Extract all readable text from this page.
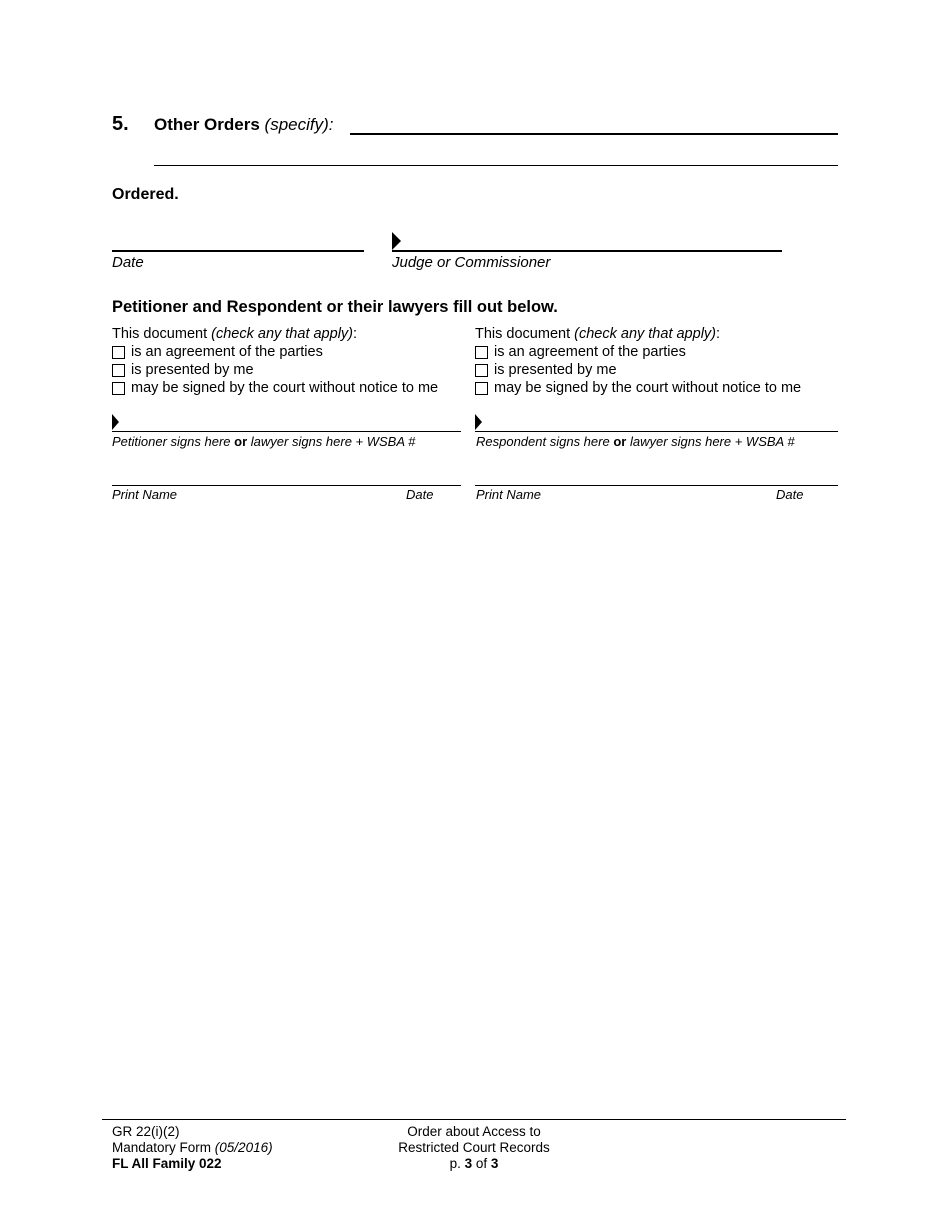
5. Other Orders (specify):
Ordered.
Date	Judge or Commissioner
Petitioner and Respondent or their lawyers fill out below.
This document
(check any that apply) :
is an agreement of the parties
is presented by me
may be signed by the court without notice to me
Petitioner signs here or lawyer signs here + WSBA #
Print Name	Date
This document
(check any that apply) :
is an agreement of the parties
is presented by me
may be signed by the court without notice to me
Respondent signs here or lawyer signs here + WSBA #
Print Name	Date
GR 22(i)(2)
Mandatory Form (05/2016)
FL All Family 022
Order about Access to
Restricted Court Records
p. 3 of 3
